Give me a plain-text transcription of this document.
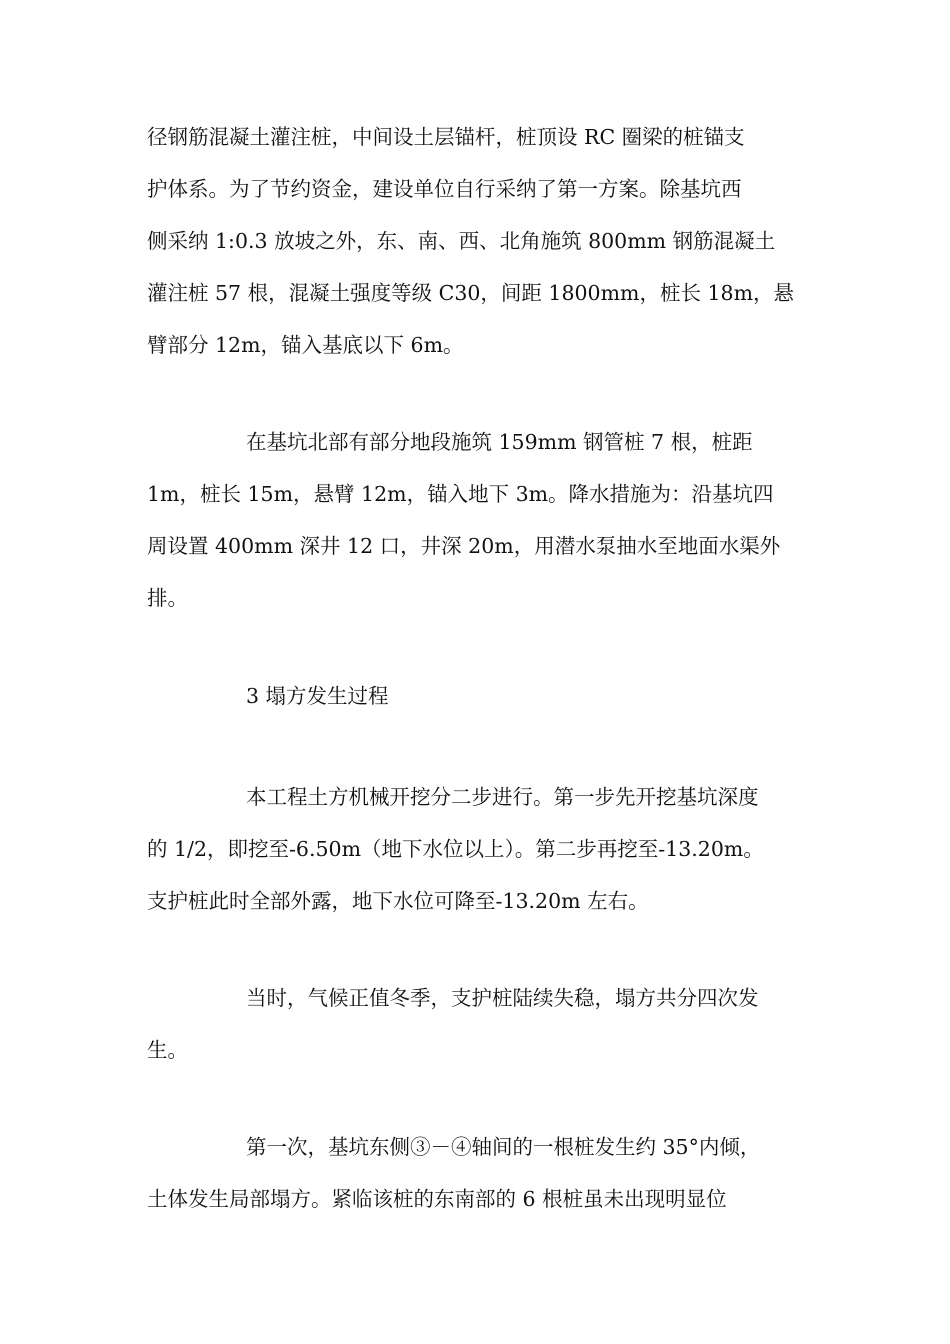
径钢筋混凝土灌注桩，中间设土层锚杆，桩顶设 RC 圈梁的桩锚支
护体系。为了节约资金，建设单位自行采纳了第一方案。除基坑西
侧采纳 1:0.3 放坡之外，东、南、西、北角施筑 800mm 钢筋混凝土
灌注桩 57 根，混凝土强度等级 C30，间距 1800mm，桩长 18m，悬
臂部分 12m，锚入基底以下 6m。
在基坑北部有部分地段施筑 159mm 钢管桩 7 根，桩距
1m，桩长 15m，悬臂 12m，锚入地下 3m。降水措施为：沿基坑四
周设置 400mm 深井 12 口，井深 20m，用潜水泵抽水至地面水渠外
排。
3 塌方发生过程
本工程土方机械开挖分二步进行。第一步先开挖基坑深度
的 1/2，即挖至-6.50m（地下水位以上）。第二步再挖至-13.20m。
支护桩此时全部外露，地下水位可降至-13.20m 左右。
当时，气候正值冬季，支护桩陆续失稳，塌方共分四次发
生。
第一次，基坑东侧③－④轴间的一根桩发生约 35°内倾，
土体发生局部塌方。紧临该桩的东南部的 6 根桩虽未出现明显位
